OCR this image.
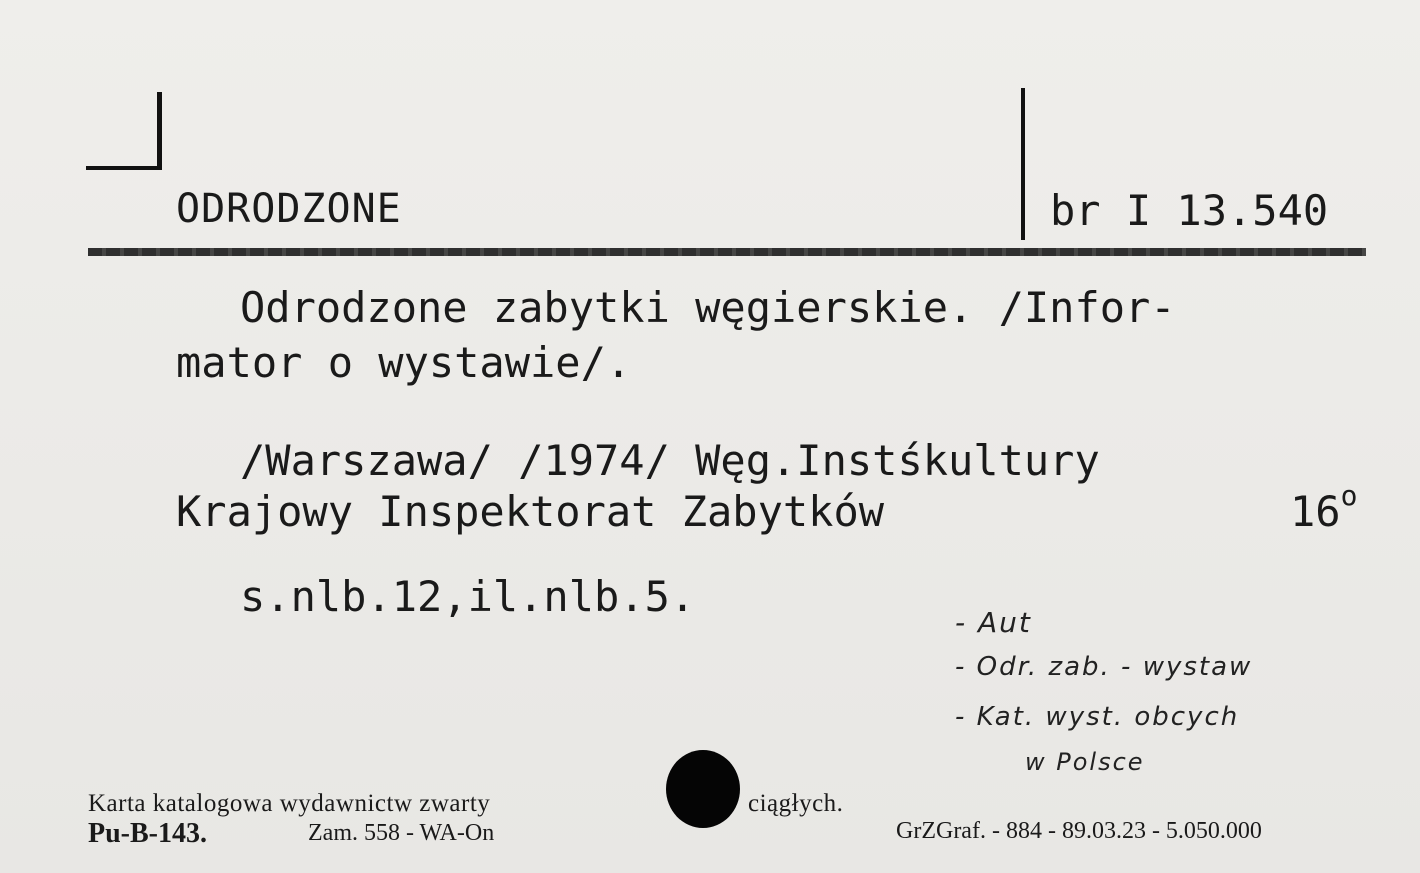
ODRODZONE	br I 13.540
Odrodzone zabytki węgierskie. /Infor-
mator o wystawie/.
/Warszawa/ /1974/ Węg.Instśkultury
Krajowy Inspektorat Zabytków	16$^o$
s.nlb.12,il.nlb.5.
- Aut
- Odr. zab. - wystaw
- Kat. wyst. obcych
w Polsce
Karta katalogowa wydawnictw zwarty	ciągłych.
Pu-B-143.	Zam. 558 - WA-On	GrZGraf. - 884 - 89.03.23 - 5.050.000
